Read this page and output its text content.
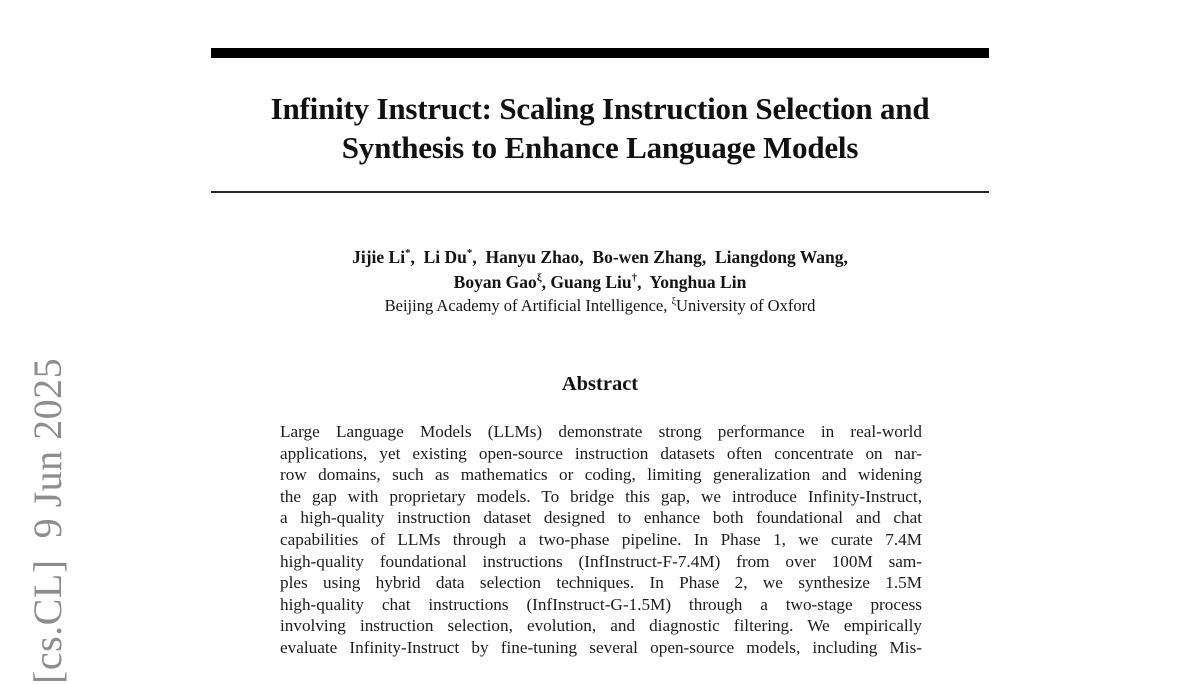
[cs.CL]  9 Jun 2025
Infinity Instruct: Scaling Instruction Selection and
Synthesis to Enhance Language Models
Jijie Li*,  Li Du*,  Hanyu Zhao,  Bo-wen Zhang,  Liangdong Wang,
Boyan Gao$^\xi$, Guang Liu†,  Yonghua Lin
Beijing Academy of Artificial Intelligence, $^\xi$University of Oxford
Abstract
Large Language Models (LLMs) demonstrate strong performance in real-world
applications, yet existing open-source instruction datasets often concentrate on nar-
row domains, such as mathematics or coding, limiting generalization and widening
the gap with proprietary models. To bridge this gap, we introduce Infinity-Instruct,
a high-quality instruction dataset designed to enhance both foundational and chat
capabilities of LLMs through a two-phase pipeline. In Phase 1, we curate 7.4M
high-quality foundational instructions (InfInstruct-F-7.4M) from over 100M sam-
ples using hybrid data selection techniques. In Phase 2, we synthesize 1.5M
high-quality chat instructions (InfInstruct-G-1.5M) through a two-stage process
involving instruction selection, evolution, and diagnostic filtering. We empirically
evaluate Infinity-Instruct by fine-tuning several open-source models, including Mis-
